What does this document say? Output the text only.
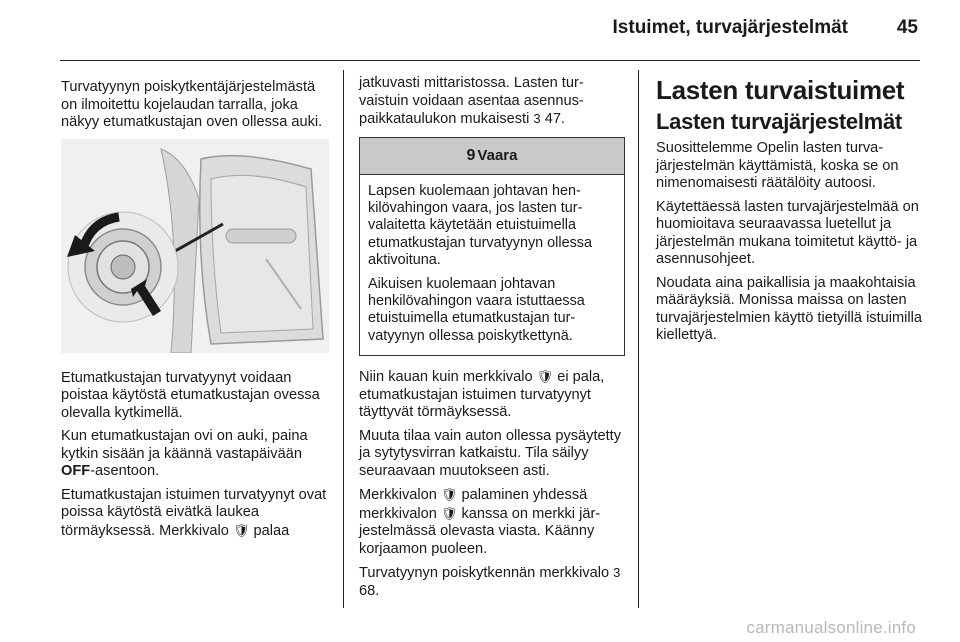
Istuimet, turvajärjestelmät	45

Turvatyynyn poiskytkentäjärjestelmästä on ilmoitettu kojelaudan tarralla, joka näkyy etumatkustajan oven ollessa auki.

Etumatkustajan turvatyynyt voidaan poistaa käytöstä etumatkustajan ovessa olevalla kytkimellä.

Kun etumatkustajan ovi on auki, paina kytkin sisään ja käännä vastapäivään OFF-asentoon.

Etumatkustajan istuimen turvatyynyt ovat poissa käytöstä eivätkä laukea törmäyksessä. Merkkivalo 🛡 palaa

jatkuvasti mittaristossa. Lasten turvaistuin voidaan asentaa asennuspaikkataulukon mukaisesti 3 47.

9 Vaara

Lapsen kuolemaan johtavan henkilövahingon vaara, jos lasten turvalaitetta käytetään etuistuimella etumatkustajan turvatyynyn ollessa aktivoituna.

Aikuisen kuolemaan johtavan henkilövahingon vaara istuttaessa etuistuimella etumatkustajan turvatyynyn ollessa poiskytkettynä.

Niin kauan kuin merkkivalo 🛡 ei pala, etumatkustajan istuimen turvatyynyt täyttyvät törmäyksessä.

Muuta tilaa vain auton ollessa pysäytetty ja sytytysvirran katkaistu. Tila säilyy seuraavaan muutokseen asti.

Merkkivalon 🛡 palaminen yhdessä merkkivalon 🛡 kanssa on merkki järjestelmässä olevasta viasta. Käänny korjaamon puoleen.

Turvatyynyn poiskytkennän merkkivalo 3 68.

Lasten turvaistuimet
Lasten turvajärjestelmät

Suosittelemme Opelin lasten turvajärjestelmän käyttämistä, koska se on nimenomaisesti räätälöity autoosi.

Käytettäessä lasten turvajärjestelmää on huomioitava seuraavassa luetellut ja järjestelmän mukana toimitetut käyttö- ja asennusohjeet.

Noudata aina paikallisia ja maakohtaisia määräyksiä. Monissa maissa on lasten turvajärjestelmien käyttö tietyillä istuimilla kiellettyä.

carmanualsonline.info
